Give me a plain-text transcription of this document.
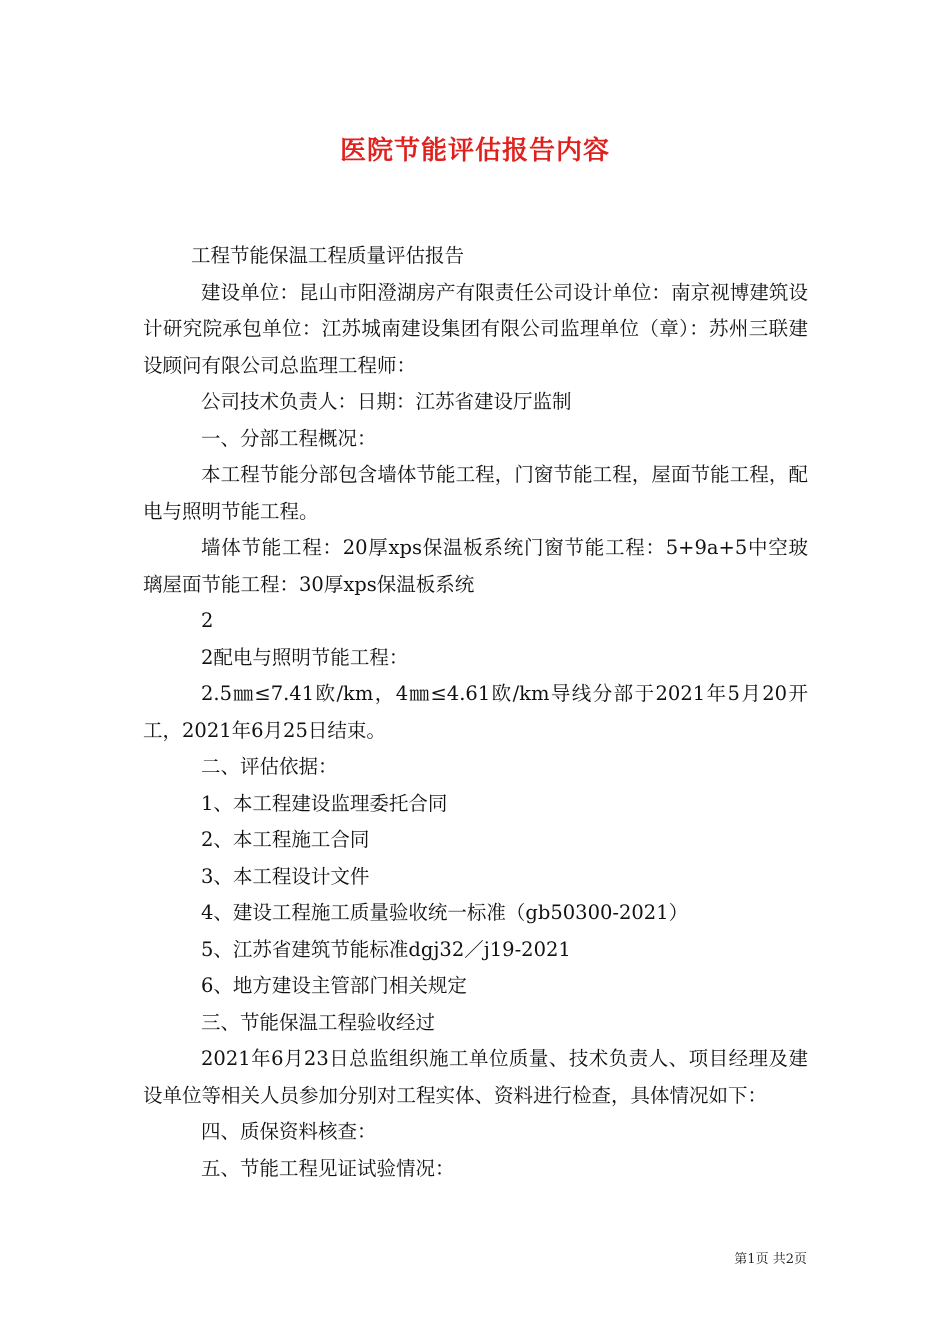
医院节能评估报告内容

工程节能保温工程质量评估报告

建设单位：昆山市阳澄湖房产有限责任公司设计单位：南京视博建筑设计研究院承包单位：江苏城南建设集团有限公司监理单位（章）：苏州三联建设顾问有限公司总监理工程师：

公司技术负责人：日期：江苏省建设厅监制

一、分部工程概况：

本工程节能分部包含墙体节能工程，门窗节能工程，屋面节能工程，配电与照明节能工程。

墙体节能工程：20厚xps保温板系统门窗节能工程：5+9a+5中空玻璃屋面节能工程：30厚xps保温板系统

2

2配电与照明节能工程：

2.5㎜≤7.41欧/km，4㎜≤4.61欧/km导线分部于2021年5月20开工，2021年6月25日结束。

二、评估依据：

1、本工程建设监理委托合同

2、本工程施工合同

3、本工程设计文件

4、建设工程施工质量验收统一标准（gb50300-2021）

5、江苏省建筑节能标准dgj32／j19-2021

6、地方建设主管部门相关规定

三、节能保温工程验收经过

2021年6月23日总监组织施工单位质量、技术负责人、项目经理及建设单位等相关人员参加分别对工程实体、资料进行检查，具体情况如下：

四、质保资料核查：

五、节能工程见证试验情况：

第1页 共2页
